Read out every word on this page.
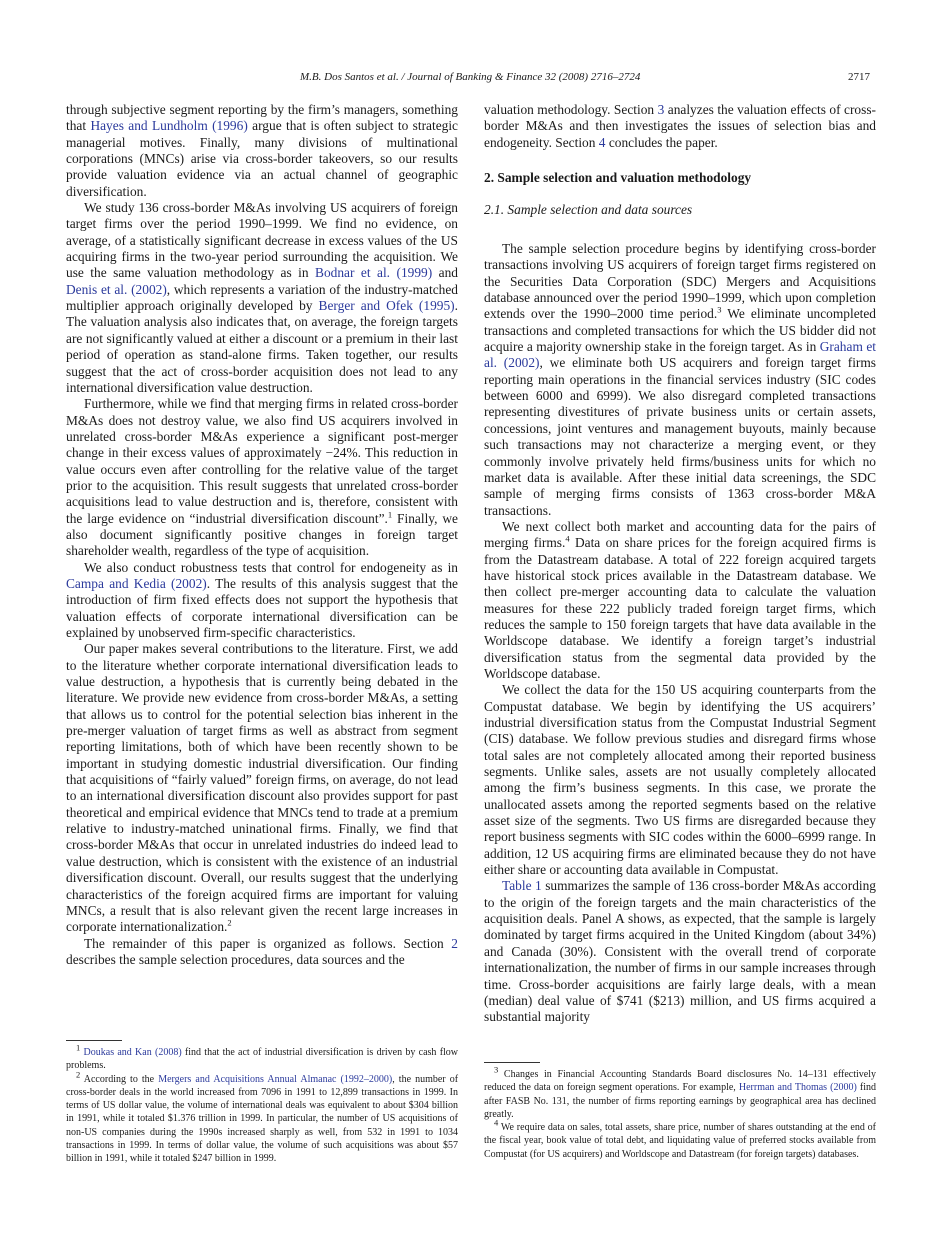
M.B. Dos Santos et al. / Journal of Banking & Finance 32 (2008) 2716–2724	2717

through subjective segment reporting by the firm’s managers, something that Hayes and Lundholm (1996) argue that is often subject to strategic managerial motives. Finally, many divisions of multinational corporations (MNCs) arise via cross-border takeovers, so our results provide valuation evidence via an actual channel of geographic diversification.

We study 136 cross-border M&As involving US acquirers of foreign target firms over the period 1990–1999. We find no evidence, on average, of a statistically significant decrease in excess values of the US acquiring firms in the two-year period surrounding the acquisition. We use the same valuation methodology as in Bodnar et al. (1999) and Denis et al. (2002), which represents a variation of the industry-matched multiplier approach originally developed by Berger and Ofek (1995). The valuation analysis also indicates that, on average, the foreign targets are not significantly valued at either a discount or a premium in their last period of operation as stand-alone firms. Taken together, our results suggest that the act of cross-border acquisition does not lead to any international diversification value destruction.

Furthermore, while we find that merging firms in related cross-border M&As does not destroy value, we also find US acquirers involved in unrelated cross-border M&As experience a significant post-merger change in their excess values of approximately −24%. This reduction in value occurs even after controlling for the relative value of the target prior to the acquisition. This result suggests that unrelated cross-border acquisitions lead to value destruction and is, therefore, consistent with the large evidence on “industrial diversification discount”.$^1$ Finally, we also document significantly positive changes in foreign target shareholder wealth, regardless of the type of acquisition.

We also conduct robustness tests that control for endogeneity as in Campa and Kedia (2002). The results of this analysis suggest that the introduction of firm fixed effects does not support the hypothesis that valuation effects of corporate international diversification can be explained by unobserved firm-specific characteristics.

Our paper makes several contributions to the literature. First, we add to the literature whether corporate international diversification leads to value destruction, a hypothesis that is currently being debated in the literature. We provide new evidence from cross-border M&As, a setting that allows us to control for the potential selection bias inherent in the pre-merger valuation of target firms as well as abstract from segment reporting limitations, both of which have been recently shown to be important in studying domestic industrial diversification. Our finding that acquisitions of “fairly valued” foreign firms, on average, do not lead to an international diversification discount also provides support for past theoretical and empirical evidence that MNCs tend to trade at a premium relative to industry-matched uninational firms. Finally, we find that cross-border M&As that occur in unrelated industries do indeed lead to value destruction, which is consistent with the existence of an industrial diversification discount. Overall, our results suggest that the underlying characteristics of the foreign acquired firms are important for valuing MNCs, a result that is also relevant given the recent large increases in corporate internationalization.$^2$

The remainder of this paper is organized as follows. Section 2 describes the sample selection procedures, data sources and the

valuation methodology. Section 3 analyzes the valuation effects of cross-border M&As and then investigates the issues of selection bias and endogeneity. Section 4 concludes the paper.

2. Sample selection and valuation methodology
2.1. Sample selection and data sources

The sample selection procedure begins by identifying cross-border transactions involving US acquirers of foreign target firms registered on the Securities Data Corporation (SDC) Mergers and Acquisitions database announced over the period 1990–1999, which upon completion extends over the 1990–2000 time period.$^3$ We eliminate uncompleted transactions and completed transactions for which the US bidder did not acquire a majority ownership stake in the foreign target. As in Graham et al. (2002), we eliminate both US acquirers and foreign target firms reporting main operations in the financial services industry (SIC codes between 6000 and 6999). We also disregard completed transactions representing divestitures of private business units or certain assets, concessions, joint ventures and management buyouts, mainly because such transactions may not characterize a merging event, or they commonly involve privately held firms/business units for which no market data is available. After these initial data screenings, the SDC sample of merging firms consists of 1363 cross-border M&A transactions.

We next collect both market and accounting data for the pairs of merging firms.$^4$ Data on share prices for the foreign acquired firms is from the Datastream database. A total of 222 foreign acquired targets have historical stock prices available in the Datastream database. We then collect pre-merger accounting data to calculate the valuation measures for these 222 publicly traded foreign target firms, which reduces the sample to 150 foreign targets that have data available in the Worldscope database. We identify a foreign target’s industrial diversification status from the segmental data provided by the Worldscope database.

We collect the data for the 150 US acquiring counterparts from the Compustat database. We begin by identifying the US acquirers’ industrial diversification status from the Compustat Industrial Segment (CIS) database. We follow previous studies and disregard firms whose total sales are not completely allocated among their reported business segments. Unlike sales, assets are not usually completely allocated among the firm’s business segments. In this case, we prorate the unallocated assets among the reported segments based on the relative asset size of the segments. Two US firms are disregarded because they report business segments with SIC codes within the 6000–6999 range. In addition, 12 US acquiring firms are eliminated because they do not have either share or accounting data available in Compustat.

Table 1 summarizes the sample of 136 cross-border M&As according to the origin of the foreign targets and the main characteristics of the acquisition deals. Panel A shows, as expected, that the sample is largely dominated by target firms acquired in the United Kingdom (about 34%) and Canada (30%). Consistent with the overall trend of corporate internationalization, the number of firms in our sample increases through time. Cross-border acquisitions are fairly large deals, with a mean (median) deal value of $741 ($213) million, and US firms acquired a substantial majority

$^1$ Doukas and Kan (2008) find that the act of industrial diversification is driven by cash flow problems.

$^2$ According to the Mergers and Acquisitions Annual Almanac (1992–2000), the number of cross-border deals in the world increased from 7096 in 1991 to 12,899 transactions in 1999. In terms of US dollar value, the volume of international deals was equivalent to about $304 billion in 1991, while it totaled $1.376 trillion in 1999. In particular, the number of US acquisitions of non-US companies during the 1990s increased sharply as well, from 532 in 1991 to 1034 transactions in 1999. In terms of dollar value, the volume of such acquisitions was about $57 billion in 1991, while it totaled $247 billion in 1999.

$^3$ Changes in Financial Accounting Standards Board disclosures No. 14–131 effectively reduced the data on foreign segment operations. For example, Herrman and Thomas (2000) find after FASB No. 131, the number of firms reporting earnings by geographical area has declined greatly.

$^4$ We require data on sales, total assets, share price, number of shares outstanding at the end of the fiscal year, book value of total debt, and liquidating value of preferred stocks available from Compustat (for US acquirers) and Worldscope and Datastream (for foreign targets) databases.
